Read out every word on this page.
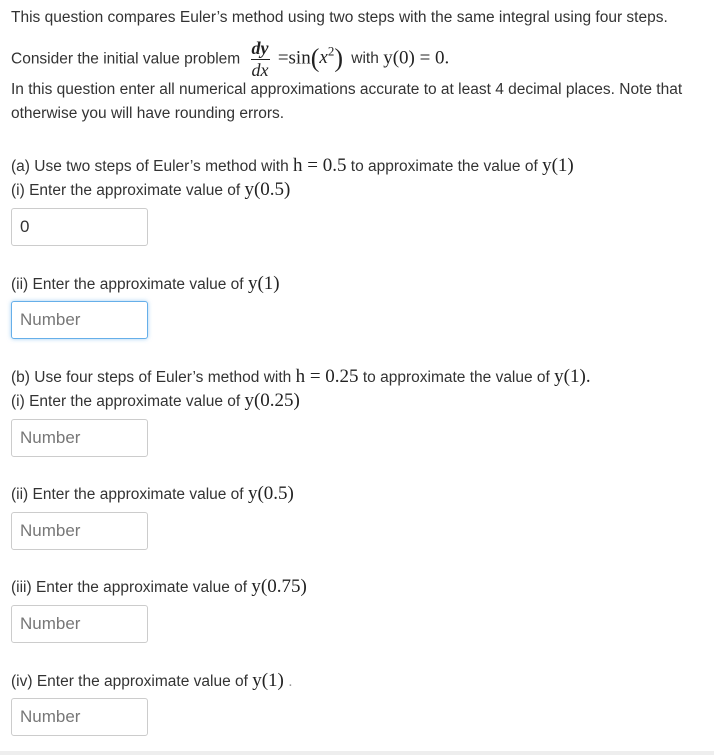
This question compares Euler’s method using two steps with the same integral using four steps.
Consider the initial value problem $\frac{dy}{dx} =\sin(x^2)$ with y(0) = 0.
In this question enter all numerical approximations accurate to at least 4 decimal places. Note that
otherwise you will have rounding errors.
(a) Use two steps of Euler’s method with h = 0.5 to approximate the value of y(1)
(i) Enter the approximate value of y(0.5)
0
(ii) Enter the approximate value of y(1)
Number
(b) Use four steps of Euler’s method with h = 0.25 to approximate the value of y(1).
(i) Enter the approximate value of y(0.25)
Number
(ii) Enter the approximate value of y(0.5)
Number
(iii) Enter the approximate value of y(0.75)
Number
(iv) Enter the approximate value of y(1) .
Number
